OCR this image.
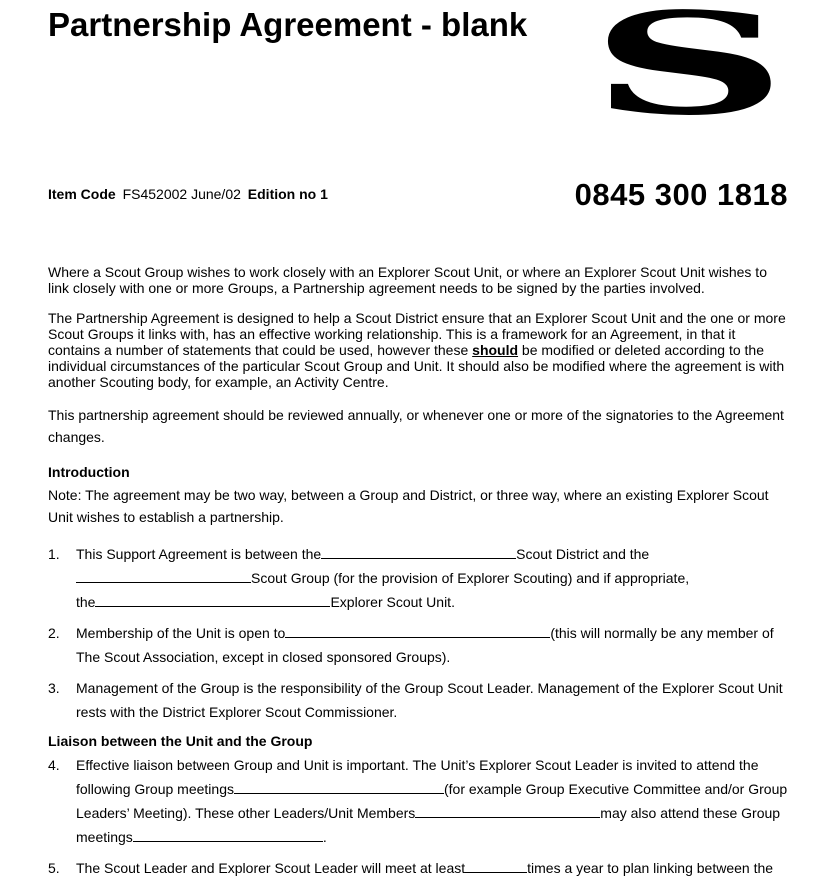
Partnership Agreement - blank S
Item Code FS452002 June/02 Edition no 1	0845 300 1818

Where a Scout Group wishes to work closely with an Explorer Scout Unit, or where an Explorer Scout Unit wishes to link closely with one or more Groups, a Partnership agreement needs to be signed by the parties involved.

The Partnership Agreement is designed to help a Scout District ensure that an Explorer Scout Unit and the one or more Scout Groups it links with, has an effective working relationship. This is a framework for an Agreement, in that it contains a number of statements that could be used, however these should be modified or deleted according to the individual circumstances of the particular Scout Group and Unit. It should also be modified where the agreement is with another Scouting body, for example, an Activity Centre.

This partnership agreement should be reviewed annually, or whenever one or more of the signatories to the Agreement changes.

Introduction

Note: The agreement may be two way, between a Group and District, or three way, where an existing Explorer Scout Unit wishes to establish a partnership.

1.	This Support Agreement is between the	Scout District and the Scout Group (for the provision of Explorer Scouting) and if appropriate, the	Explorer Scout Unit.
2.	Membership of the Unit is open to	(this will normally be any member of The Scout Association, except in closed sponsored Groups).
3.	Management of the Group is the responsibility of the Group Scout Leader. Management of the Explorer Scout Unit rests with the District Explorer Scout Commissioner.
Liaison between the Unit and the Group
4.	Effective liaison between Group and Unit is important. The Unit’s Explorer Scout Leader is invited to attend the following Group meetings	(for example Group Executive Committee and/or Group Leaders’ Meeting). These other Leaders/Unit Members	may also attend these Group meetings	.
5.	The Scout Leader and Explorer Scout Leader will meet at least	times a year to plan linking between the
